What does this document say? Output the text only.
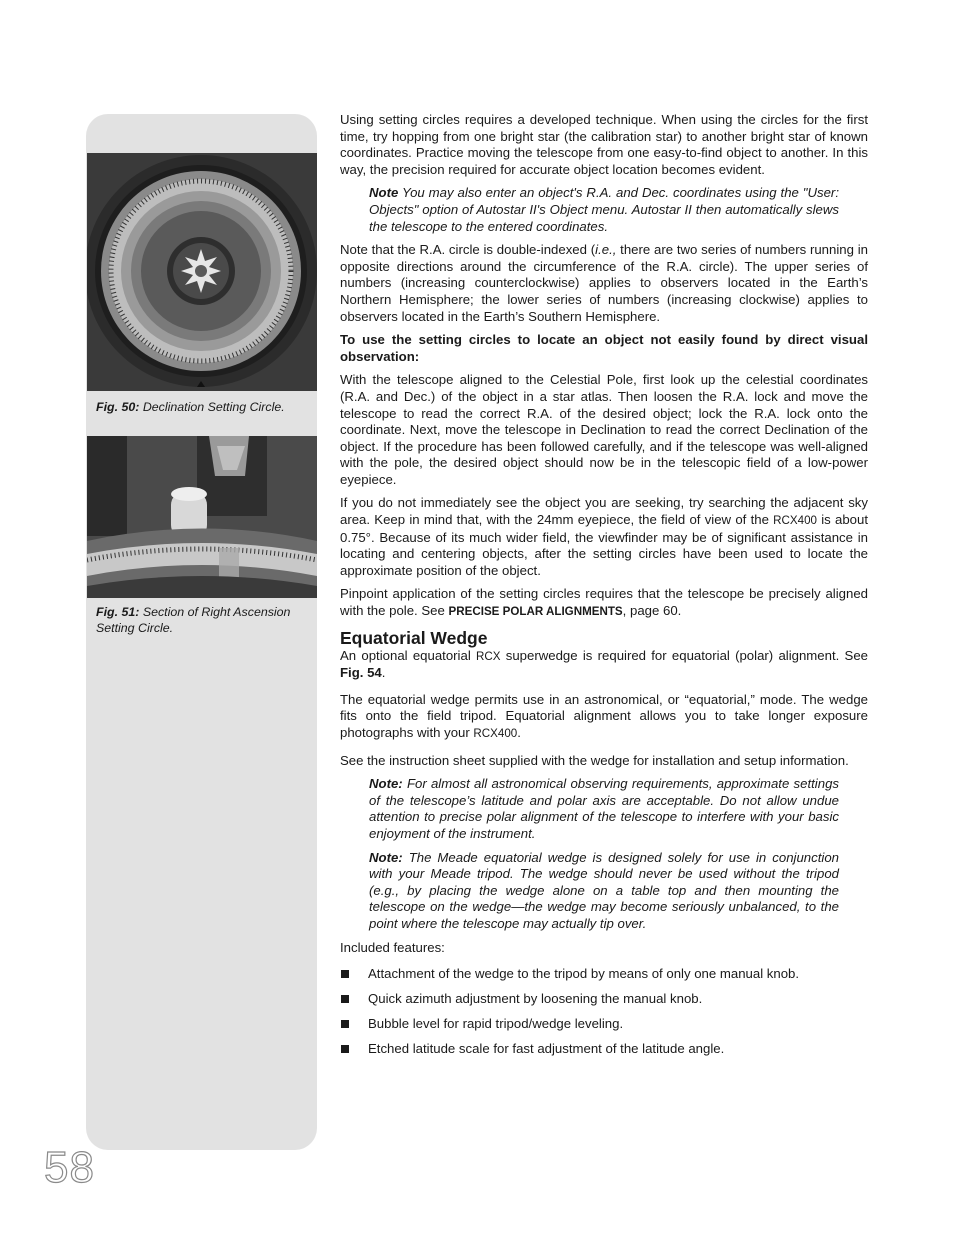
Fig. 50: Declination Setting Circle.
Fig. 51: Section of Right Ascension Setting Circle.
58

Using setting circles requires a developed technique. When using the circles for the first time, try hopping from one bright star (the calibration star) to another bright star of known coordinates. Practice moving the telescope from one easy-to-find object to another. In this way, the precision required for accurate object location becomes evident.

Note You may also enter an object's R.A. and Dec. coordinates using the "User: Objects" option of Autostar II's Object menu. Autostar II then automatically slews the telescope to the entered coordinates.

Note that the R.A. circle is double-indexed (i.e., there are two series of numbers running in opposite directions around the circumference of the R.A. circle). The upper series of numbers (increasing counterclockwise) applies to observers located in the Earth’s Northern Hemisphere; the lower series of numbers (increasing clockwise) applies to observers located in the Earth’s Southern Hemisphere.

To use the setting circles to locate an object not easily found by direct visual observation:

With the telescope aligned to the Celestial Pole, first look up the celestial coordinates (R.A. and Dec.) of the object in a star atlas. Then loosen the R.A. lock and move the telescope to read the correct R.A. of the desired object; lock the R.A. lock onto the coordinate. Next, move the telescope in Declination to read the correct Declination of the object. If the procedure has been followed carefully, and if the telescope was well-aligned with the pole, the desired object should now be in the telescopic field of a low-power eyepiece.

If you do not immediately see the object you are seeking, try searching the adjacent sky area. Keep in mind that, with the 24mm eyepiece, the field of view of the RCX400 is about 0.75°. Because of its much wider field, the viewfinder may be of significant assistance in locating and centering objects, after the setting circles have been used to locate the approximate position of the object.

Pinpoint application of the setting circles requires that the telescope be precisely aligned with the pole. See PRECISE POLAR ALIGNMENTS, page 60.

Equatorial Wedge

An optional equatorial RCX superwedge is required for equatorial (polar) alignment. See Fig. 54.

The equatorial wedge permits use in an astronomical, or “equatorial,” mode. The wedge fits onto the field tripod. Equatorial alignment allows you to take longer exposure photographs with your RCX400.

See the instruction sheet supplied with the wedge for installation and setup information.

Note: For almost all astronomical observing requirements, approximate settings of the telescope’s latitude and polar axis are acceptable. Do not allow undue attention to precise polar alignment of the telescope to interfere with your basic enjoyment of the instrument.

Note: The Meade equatorial wedge is designed solely for use in conjunction with your Meade tripod. The wedge should never be used without the tripod (e.g., by placing the wedge alone on a table top and then mounting the telescope on the wedge—the wedge may become seriously unbalanced, to the point where the telescope may actually tip over.

Included features:

Attachment of the wedge to the tripod by means of only one manual knob.
Quick azimuth adjustment by loosening the manual knob.
Bubble level for rapid tripod/wedge leveling.
Etched latitude scale for fast adjustment of the latitude angle.
